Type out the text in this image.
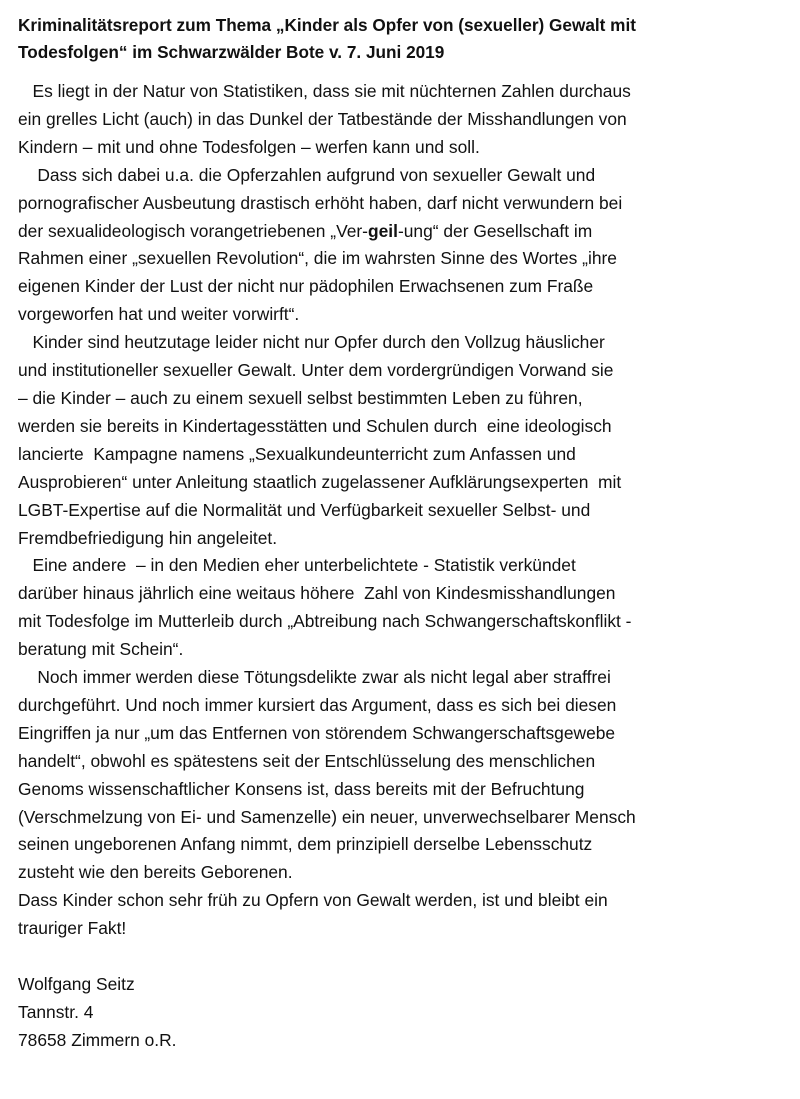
Kriminalitätsreport zum Thema „Kinder als Opfer von (sexueller) Gewalt mit
Todesfolgen“ im Schwarzwälder Bote v. 7. Juni 2019
Es liegt in der Natur von Statistiken, dass sie mit nüchternen Zahlen durchaus
ein grelles Licht (auch) in das Dunkel der Tatbestände der Misshandlungen von
Kindern – mit und ohne Todesfolgen – werfen kann und soll.
Dass sich dabei u.a. die Opferzahlen aufgrund von sexueller Gewalt und
pornografischer Ausbeutung drastisch erhöht haben, darf nicht verwundern bei
der sexualideologisch vorangetriebenen „Ver-geil-ung“ der Gesellschaft im
Rahmen einer „sexuellen Revolution“, die im wahrsten Sinne des Wortes „ihre
eigenen Kinder der Lust der nicht nur pädophilen Erwachsenen zum Fraße
vorgeworfen hat und weiter vorwirft“.
Kinder sind heutzutage leider nicht nur Opfer durch den Vollzug häuslicher
und institutioneller sexueller Gewalt. Unter dem vordergründigen Vorwand sie
– die Kinder – auch zu einem sexuell selbst bestimmten Leben zu führen,
werden sie bereits in Kindertagesstätten und Schulen durch  eine ideologisch
lancierte  Kampagne namens „Sexualkundeunterricht zum Anfassen und
Ausprobieren“ unter Anleitung staatlich zugelassener Aufklärungsexperten  mit
LGBT-Expertise auf die Normalität und Verfügbarkeit sexueller Selbst- und
Fremdbefriedigung hin angeleitet.
Eine andere  – in den Medien eher unterbelichtete - Statistik verkündet
darüber hinaus jährlich eine weitaus höhere  Zahl von Kindesmisshandlungen
mit Todesfolge im Mutterleib durch „Abtreibung nach Schwangerschaftskonflikt -
beratung mit Schein“.
Noch immer werden diese Tötungsdelikte zwar als nicht legal aber straffrei
durchgeführt. Und noch immer kursiert das Argument, dass es sich bei diesen
Eingriffen ja nur „um das Entfernen von störendem Schwangerschaftsgewebe
handelt“, obwohl es spätestens seit der Entschlüsselung des menschlichen
Genoms wissenschaftlicher Konsens ist, dass bereits mit der Befruchtung
(Verschmelzung von Ei- und Samenzelle) ein neuer, unverwechselbarer Mensch
seinen ungeborenen Anfang nimmt, dem prinzipiell derselbe Lebensschutz
zusteht wie den bereits Geborenen.
Dass Kinder schon sehr früh zu Opfern von Gewalt werden, ist und bleibt ein
trauriger Fakt!
Wolfgang Seitz
Tannstr. 4
78658 Zimmern o.R.
